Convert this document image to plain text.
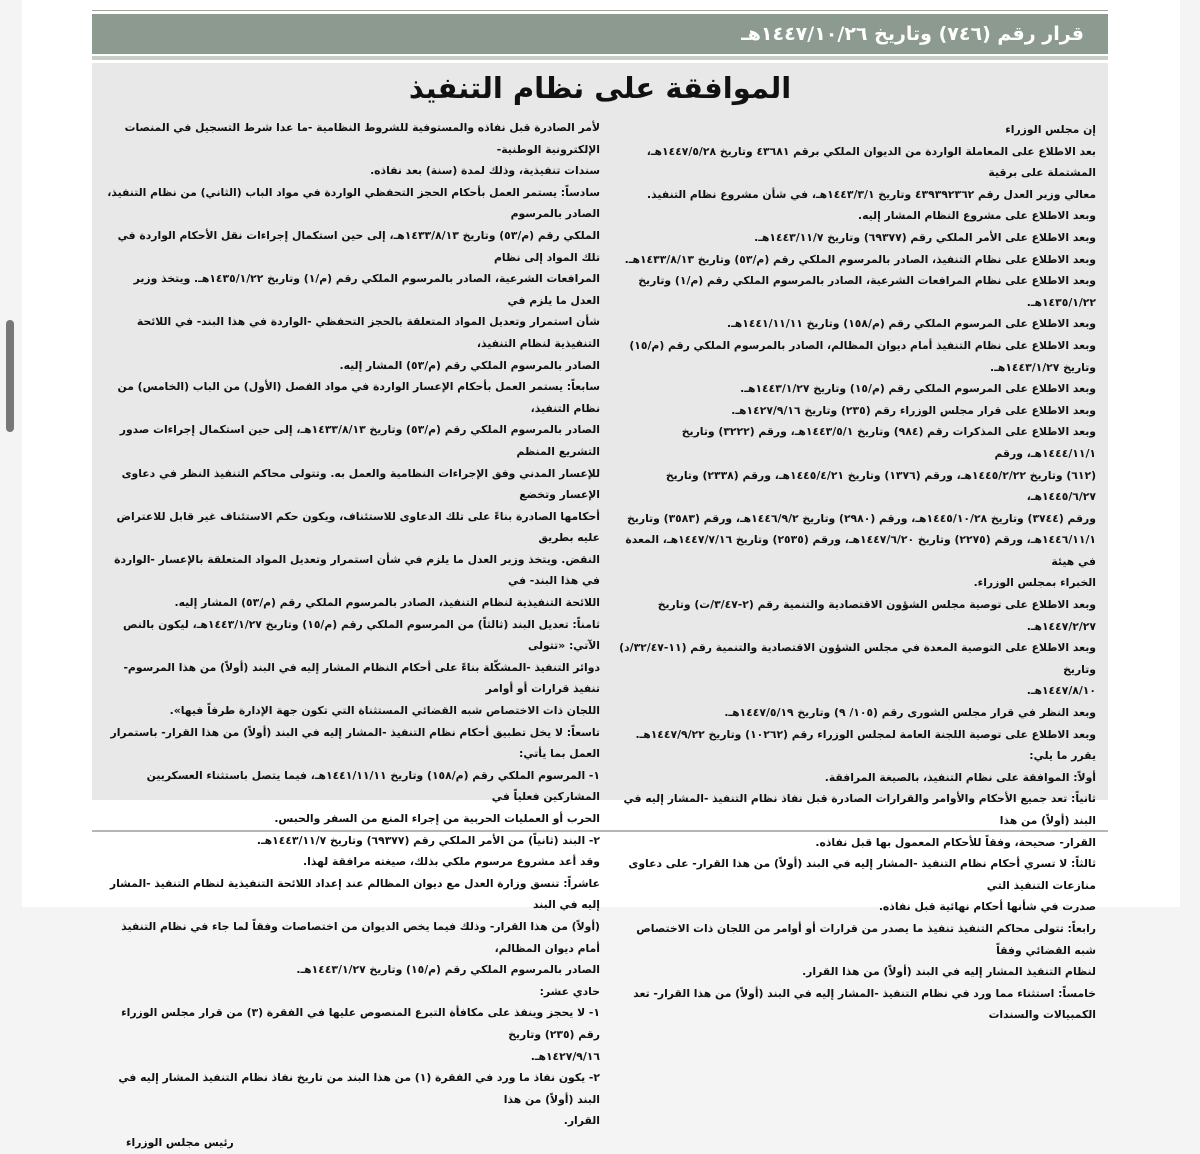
قرار رقم (٧٤٦) وتاريخ ١٤٤٧/١٠/٢٦هـ
الموافقة على نظام التنفيذ

إن مجلس الوزراء

بعد الاطلاع على المعاملة الواردة من الديوان الملكي برقم ٤٣٦٨١ وتاريخ ١٤٤٧/٥/٢٨هـ، المشتملة على برقية

معالي وزير العدل رقم ٤٣٩٣٩٢٣٦٢ وتاريخ ١٤٤٣/٣/١هـ، في شأن مشروع نظام التنفيذ.

وبعد الاطلاع على مشروع النظام المشار إليه.

وبعد الاطلاع على الأمر الملكي رقم (٦٩٣٧٧) وتاريخ ١٤٤٣/١١/٧هـ.

وبعد الاطلاع على نظام التنفيذ، الصادر بالمرسوم الملكي رقم (م/٥٣) وتاريخ ١٤٣٣/٨/١٣هـ.

وبعد الاطلاع على نظام المرافعات الشرعية، الصادر بالمرسوم الملكي رقم (م/١) وتاريخ ١٤٣٥/١/٢٢هـ.

وبعد الاطلاع على المرسوم الملكي رقم (م/١٥٨) وتاريخ ١٤٤١/١١/١١هـ.

وبعد الاطلاع على نظام التنفيذ أمام ديوان المظالم، الصادر بالمرسوم الملكي رقم (م/١٥) وتاريخ ١٤٤٣/١/٢٧هـ.

وبعد الاطلاع على المرسوم الملكي رقم (م/١٥) وتاريخ ١٤٤٣/١/٢٧هـ.

وبعد الاطلاع على قرار مجلس الوزراء رقم (٢٣٥) وتاريخ ١٤٢٧/٩/١٦هـ.

وبعد الاطلاع على المذكرات رقم (٩٨٤) وتاريخ ١٤٤٣/٥/١هـ، ورقم (٣٢٢٢) وتاريخ ١٤٤٤/١١/١هـ، ورقم

(٦١٢) وتاريخ ١٤٤٥/٢/٢٢هـ، ورقم (١٣٧٦) وتاريخ ١٤٤٥/٤/٢١هـ، ورقم (٢٣٣٨) وتاريخ ١٤٤٥/٦/٢٧هـ،

ورقم (٣٧٤٤) وتاريخ ١٤٤٥/١٠/٢٨هـ، ورقم (٢٩٨٠) وتاريخ ١٤٤٦/٩/٢هـ، ورقم (٣٥٨٣) وتاريخ

١٤٤٦/١١/١هـ، ورقم (٢٢٧٥) وتاريخ ١٤٤٧/٦/٢٠هـ، ورقم (٢٥٣٥) وتاريخ ١٤٤٧/٧/١٦هـ، المعدة في هيئة

الخبراء بمجلس الوزراء.

وبعد الاطلاع على توصية مجلس الشؤون الاقتصادية والتنمية رقم (٢-٣/٤٧/ت) وتاريخ ١٤٤٧/٢/٢٧هـ.

وبعد الاطلاع على التوصية المعدة في مجلس الشؤون الاقتصادية والتنمية رقم (١١-٣٢/٤٧/د) وتاريخ

١٤٤٧/٨/١٠هـ.

وبعد النظر في قرار مجلس الشورى رقم (١٠٥/ ٩) وتاريخ ١٤٤٧/٥/١٩هـ.

وبعد الاطلاع على توصية اللجنة العامة لمجلس الوزراء رقم (١٠٢٦٢) وتاريخ ١٤٤٧/٩/٢٢هـ.

يقرر ما يلي:

أولاً: الموافقة على نظام التنفيذ، بالصيغة المرافقة.

ثانياً: تعد جميع الأحكام والأوامر والقرارات الصادرة قبل نفاذ نظام التنفيذ -المشار إليه في البند (أولاً) من هذا

القرار- صحيحة، وفقاً للأحكام المعمول بها قبل نفاذه.

ثالثاً: لا تسري أحكام نظام التنفيذ -المشار إليه في البند (أولاً) من هذا القرار- على دعاوى منازعات التنفيذ التي

صدرت في شأنها أحكام نهائية قبل نفاذه.

رابعاً: تتولى محاكم التنفيذ تنفيذ ما يصدر من قرارات أو أوامر من اللجان ذات الاختصاص شبه القضائي وفقاً

لنظام التنفيذ المشار إليه في البند (أولاً) من هذا القرار.

خامساً: استثناء مما ورد في نظام التنفيذ -المشار إليه في البند (أولاً) من هذا القرار- تعد الكمبيالات والسندات

لأمر الصادرة قبل نفاذه والمستوفية للشروط النظامية -ما عدا شرط التسجيل في المنصات الإلكترونية الوطنية-

سندات تنفيذية، وذلك لمدة (سنة) بعد نفاذه.

سادساً: يستمر العمل بأحكام الحجز التحفظي الواردة في مواد الباب (الثاني) من نظام التنفيذ، الصادر بالمرسوم

الملكي رقم (م/٥٣) وتاريخ ١٤٣٣/٨/١٣هـ، إلى حين استكمال إجراءات نقل الأحكام الواردة في تلك المواد إلى نظام

المرافعات الشرعية، الصادر بالمرسوم الملكي رقم (م/١) وتاريخ ١٤٣٥/١/٢٢هـ. ويتخذ وزير العدل ما يلزم في

شأن استمرار وتعديل المواد المتعلقة بالحجز التحفظي -الواردة في هذا البند- في اللائحة التنفيذية لنظام التنفيذ،

الصادر بالمرسوم الملكي رقم (م/٥٣) المشار إليه.

سابعاً: يستمر العمل بأحكام الإعسار الواردة في مواد الفصل (الأول) من الباب (الخامس) من نظام التنفيذ،

الصادر بالمرسوم الملكي رقم (م/٥٣) وتاريخ ١٤٣٣/٨/١٣هـ، إلى حين استكمال إجراءات صدور التشريع المنظم

للإعسار المدني وفق الإجراءات النظامية والعمل به. وتتولى محاكم التنفيذ النظر في دعاوى الإعسار وتخضع

أحكامها الصادرة بناءً على تلك الدعاوى للاستئناف، ويكون حكم الاستئناف غير قابل للاعتراض عليه بطريق

النقض. ويتخذ وزير العدل ما يلزم في شأن استمرار وتعديل المواد المتعلقة بالإعسار -الواردة في هذا البند- في

اللائحة التنفيذية لنظام التنفيذ، الصادر بالمرسوم الملكي رقم (م/٥٣) المشار إليه.

ثامناً: تعديل البند (ثالثاً) من المرسوم الملكي رقم (م/١٥) وتاريخ ١٤٤٣/١/٢٧هـ، ليكون بالنص الآتي: «تتولى

دوائر التنفيذ -المشكّلة بناءً على أحكام النظام المشار إليه في البند (أولاً) من هذا المرسوم- تنفيذ قرارات أو أوامر

اللجان ذات الاختصاص شبه القضائي المستثناة التي تكون جهة الإدارة طرفاً فيها».

تاسعاً: لا يخل تطبيق أحكام نظام التنفيذ -المشار إليه في البند (أولاً) من هذا القرار- باستمرار العمل بما يأتي:

١- المرسوم الملكي رقم (م/١٥٨) وتاريخ ١٤٤١/١١/١١هـ، فيما يتصل باستثناء العسكريين المشاركين فعلياً في

الحرب أو العمليات الحربية من إجراء المنع من السفر والحبس.

٢- البند (ثانياً) من الأمر الملكي رقم (٦٩٣٧٧) وتاريخ ١٤٤٣/١١/٧هـ.

وقد أعد مشروع مرسوم ملكي بذلك، صيغته مرافقة لهذا.

عاشراً: تنسق وزارة العدل مع ديوان المظالم عند إعداد اللائحة التنفيذية لنظام التنفيذ -المشار إليه في البند

(أولاً) من هذا القرار- وذلك فيما يخص الديوان من اختصاصات وفقاً لما جاء في نظام التنفيذ أمام ديوان المظالم،

الصادر بالمرسوم الملكي رقم (م/١٥) وتاريخ ١٤٤٣/١/٢٧هـ.

حادي عشر:

١- لا يحجز وينفذ على مكافأة التبرع المنصوص عليها في الفقرة (٣) من قرار مجلس الوزراء رقم (٢٣٥) وتاريخ

١٤٢٧/٩/١٦هـ.

٢- يكون نفاذ ما ورد في الفقرة (١) من هذا البند من تاريخ نفاذ نظام التنفيذ المشار إليه في البند (أولاً) من هذا

القرار.

رئيس مجلس الوزراء
